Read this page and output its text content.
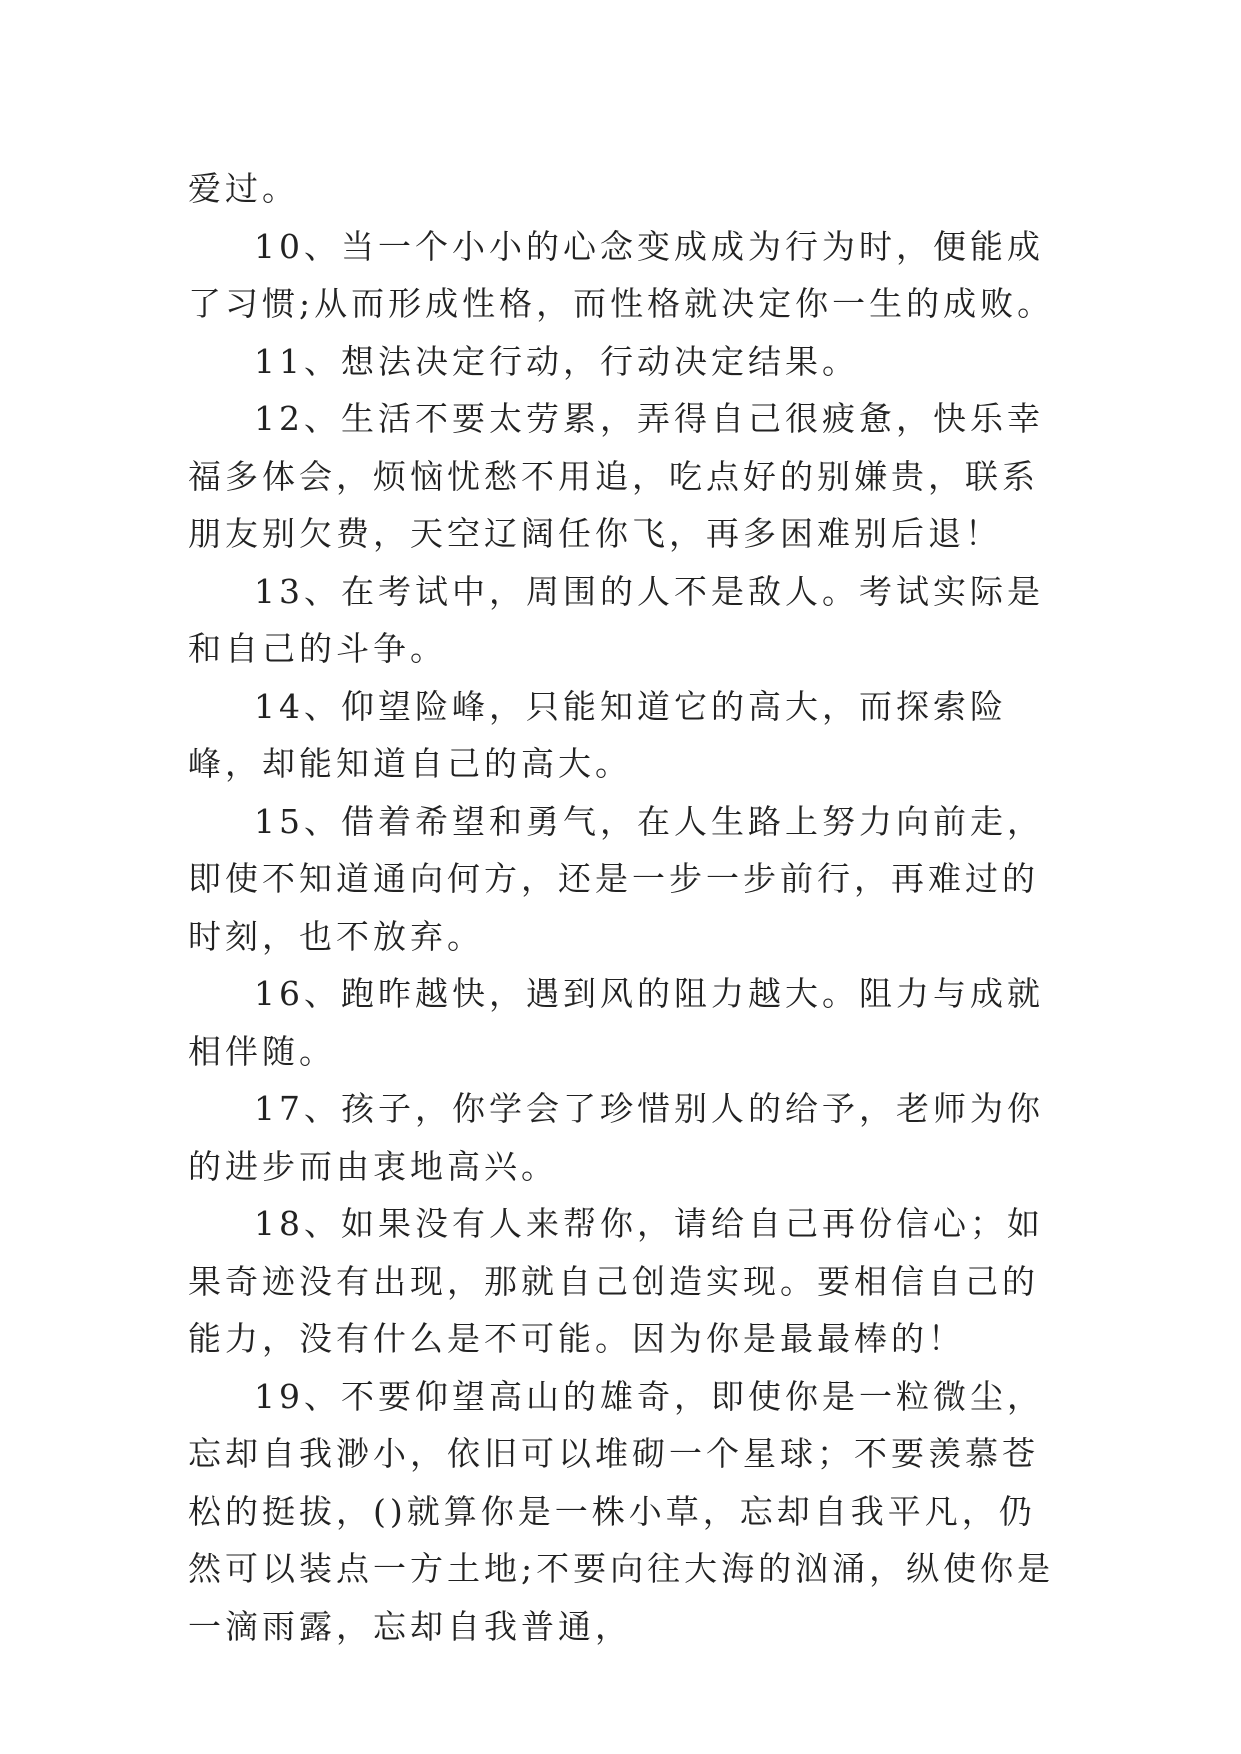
爱过。

10、当一个小小的心念变成成为行为时，便能成了习惯;从而形成性格，而性格就决定你一生的成败。

11、想法决定行动，行动决定结果。

12、生活不要太劳累，弄得自己很疲惫，快乐幸福多体会，烦恼忧愁不用追，吃点好的别嫌贵，联系朋友别欠费，天空辽阔任你飞，再多困难别后退！

13、在考试中，周围的人不是敌人。考试实际是和自己的斗争。

14、仰望险峰，只能知道它的高大，而探索险峰，却能知道自己的高大。

15、借着希望和勇气，在人生路上努力向前走，即使不知道通向何方，还是一步一步前行，再难过的时刻，也不放弃。

16、跑昨越快，遇到风的阻力越大。阻力与成就相伴随。

17、孩子，你学会了珍惜别人的给予，老师为你的进步而由衷地高兴。

18、如果没有人来帮你，请给自己再份信心；如果奇迹没有出现，那就自己创造实现。要相信自己的能力，没有什么是不可能。因为你是最最棒的！

19、不要仰望高山的雄奇，即使你是一粒微尘，忘却自我渺小，依旧可以堆砌一个星球；不要羡慕苍松的挺拔，()就算你是一株小草，忘却自我平凡，仍然可以装点一方土地;不要向往大海的汹涌，纵使你是一滴雨露，忘却自我普通，
